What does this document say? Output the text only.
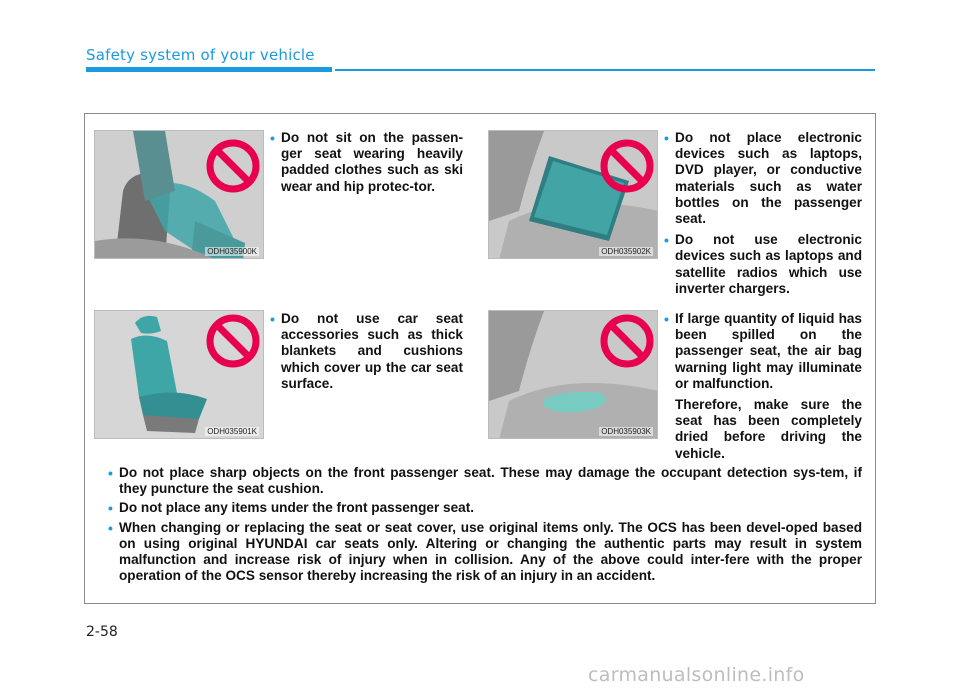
Safety system of your vehicle
ODH035900K	ODH035902K
ODH035901K	ODH035903K
• Do not sit on the passen-ger seat wearing heavily padded clothes such as ski wear and hip protec-tor.
• Do not place electronic devices such as laptops, DVD player, or conductive materials such as water bottles on the passenger seat.
• Do not use electronic devices such as laptops and satellite radios which use inverter chargers.
• Do not use car seat accessories such as thick blankets and cushions which cover up the car seat surface.
• If large quantity of liquid has been spilled on the passenger seat, the air bag warning light may illuminate or malfunction.

Therefore, make sure the seat has been completely dried before driving the vehicle.

• Do not place sharp objects on the front passenger seat. These may damage the occupant detection sys-tem, if they puncture the seat cushion.
• Do not place any items under the front passenger seat.
• When changing or replacing the seat or seat cover, use original items only. The OCS has been devel-oped based on using original HYUNDAI car seats only. Altering or changing the authentic parts may result in system malfunction and increase risk of injury when in collision. Any of the above could inter-fere with the proper operation of the OCS sensor thereby increasing the risk of an injury in an accident.
2-58
carmanualsonline.info
